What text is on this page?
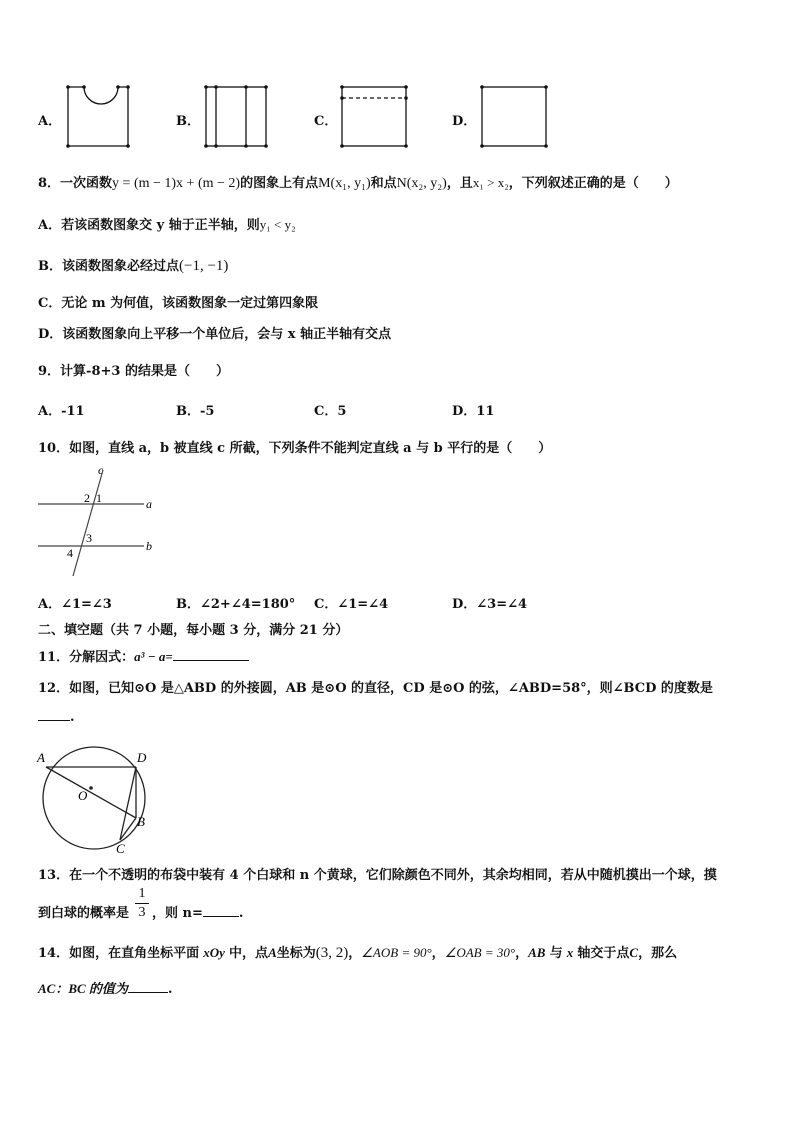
A．	B．	C．	D．
8．一次函数y = (m − 1)x + (m − 2)的图象上有点M(x₁, y₁)和点N(x₂, y₂)，且x₁ > x₂，下列叙述正确的是（　　）
A．若该函数图象交 y 轴于正半轴，则y₁ < y₂
B．该函数图象必经过点(−1, −1)
C．无论 m 为何值，该函数图象一定过第四象限
D．该函数图象向上平移一个单位后，会与 x 轴正半轴有交点
9．计算-8+3 的结果是（　　）
A．-11	B．-5	C．5	D．11
10．如图，直线 a，b 被直线 c 所截，下列条件不能判定直线 a 与 b 平行的是（　　）
c
a
b
2 1
3
4
A．∠1=∠3	B．∠2+∠4=180° C．∠1=∠4	D．∠3=∠4
二、填空题（共 7 小题，每小题 3 分，满分 21 分）
11．分解因式：a³ − a=
12．如图，已知⊙O 是△ABD 的外接圆，AB 是⊙O 的直径，CD 是⊙O 的弦，∠ABD=58°，则∠BCD 的度数是
.
A	D
O
B
C
13．在一个不透明的布袋中装有 4 个白球和 n 个黄球，它们除颜色不同外，其余均相同，若从中随机摸出一个球，摸
到白球的概率是
1
3 ，则 n=	.
14．如图，在直角坐标平面 xOy 中，点A坐标为(3, 2)，∠AOB = 90°，∠OAB = 30°，AB 与 x 轴交于点C，那么
AC：BC 的值为	.
